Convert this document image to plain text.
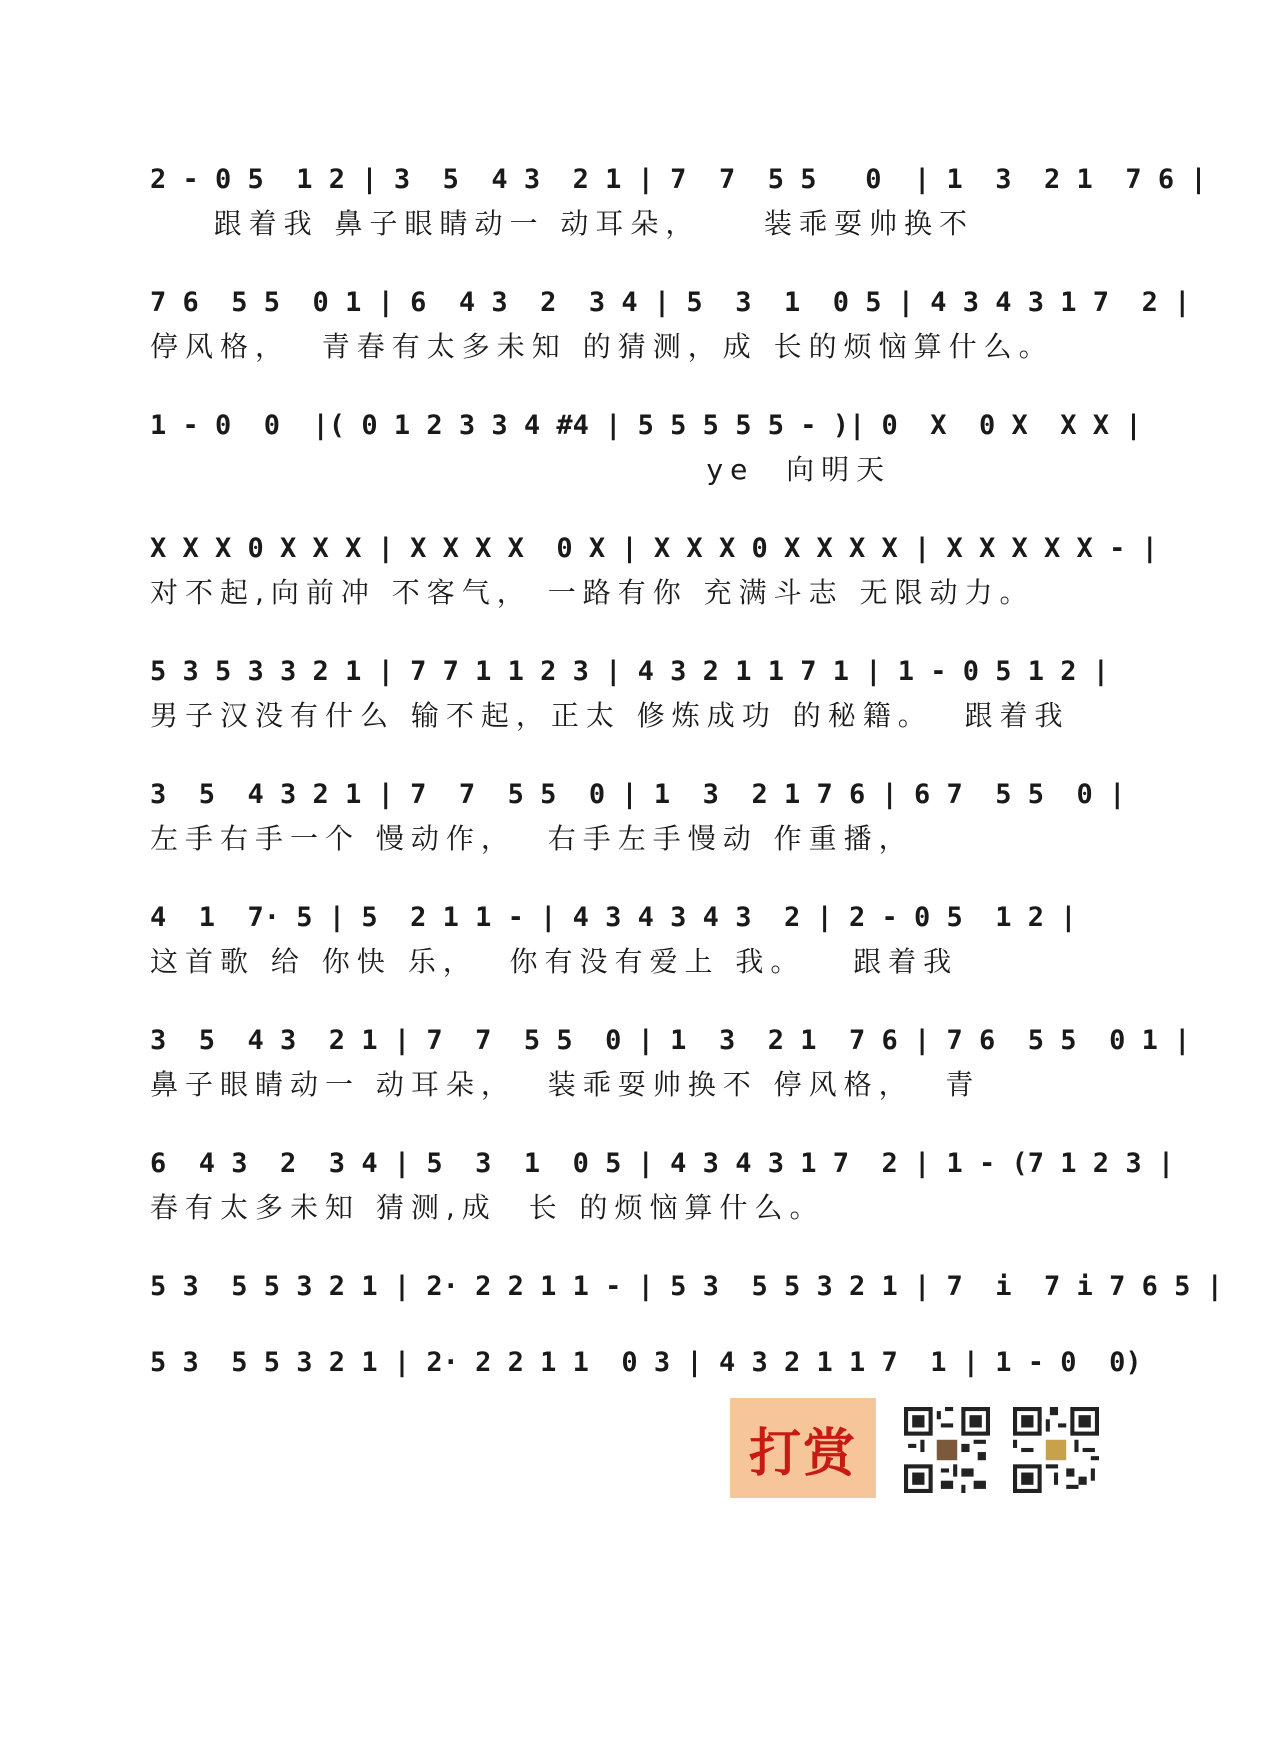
2 - 0 5  1 2 | 3  5  4 3  2 1 | 7  7  5 5   0  | 1  3  2 1  7 6 |
跟着我 鼻子眼睛动一 动耳朵，    装乖耍帅换不
7 6  5 5  0 1 | 6  4 3  2  3 4 | 5  3  1  0 5 | 4 3 4 3 1 7  2 |
停风格，  青春有太多未知 的猜测，成 长的烦恼算什么。
1 - 0  0  |( 0 1 2 3 3 4 #4 | 5 5 5 5 5 - )| 0  X  0 X  X X |
ye  向明天
X X X 0 X X X | X X X X  0 X | X X X 0 X X X X | X X X X X - |
对不起,向前冲 不客气， 一路有你 充满斗志 无限动力。
5 3 5 3 3 2 1 | 7 7 1 1 2 3 | 4 3 2 1 1 7 1 | 1 - 0 5 1 2 |
男子汉没有什么 输不起，正太 修炼成功 的秘籍。  跟着我
3  5  4 3 2 1 | 7  7  5 5  0 | 1  3  2 1 7 6 | 6 7  5 5  0 |
左手右手一个 慢动作，  右手左手慢动 作重播，
4  1  7· 5 | 5  2 1 1 - | 4 3 4 3 4 3  2 | 2 - 0 5  1 2 |
这首歌 给 你快 乐，  你有没有爱上 我。   跟着我
3  5  4 3  2 1 | 7  7  5 5  0 | 1  3  2 1  7 6 | 7 6  5 5  0 1 |
鼻子眼睛动一 动耳朵，  装乖耍帅换不 停风格，  青
6  4 3  2  3 4 | 5  3  1  0 5 | 4 3 4 3 1 7  2 | 1 - (7 1 2 3 |
春有太多未知 猜测,成  长 的烦恼算什么。
5 3  5 5 3 2 1 | 2· 2 2 1 1 - | 5 3  5 5 3 2 1 | 7  i  7 i 7 6 5 |
5 3  5 5 3 2 1 | 2· 2 2 1 1  0 3 | 4 3 2 1 1 7  1 | 1 - 0  0)
打赏
